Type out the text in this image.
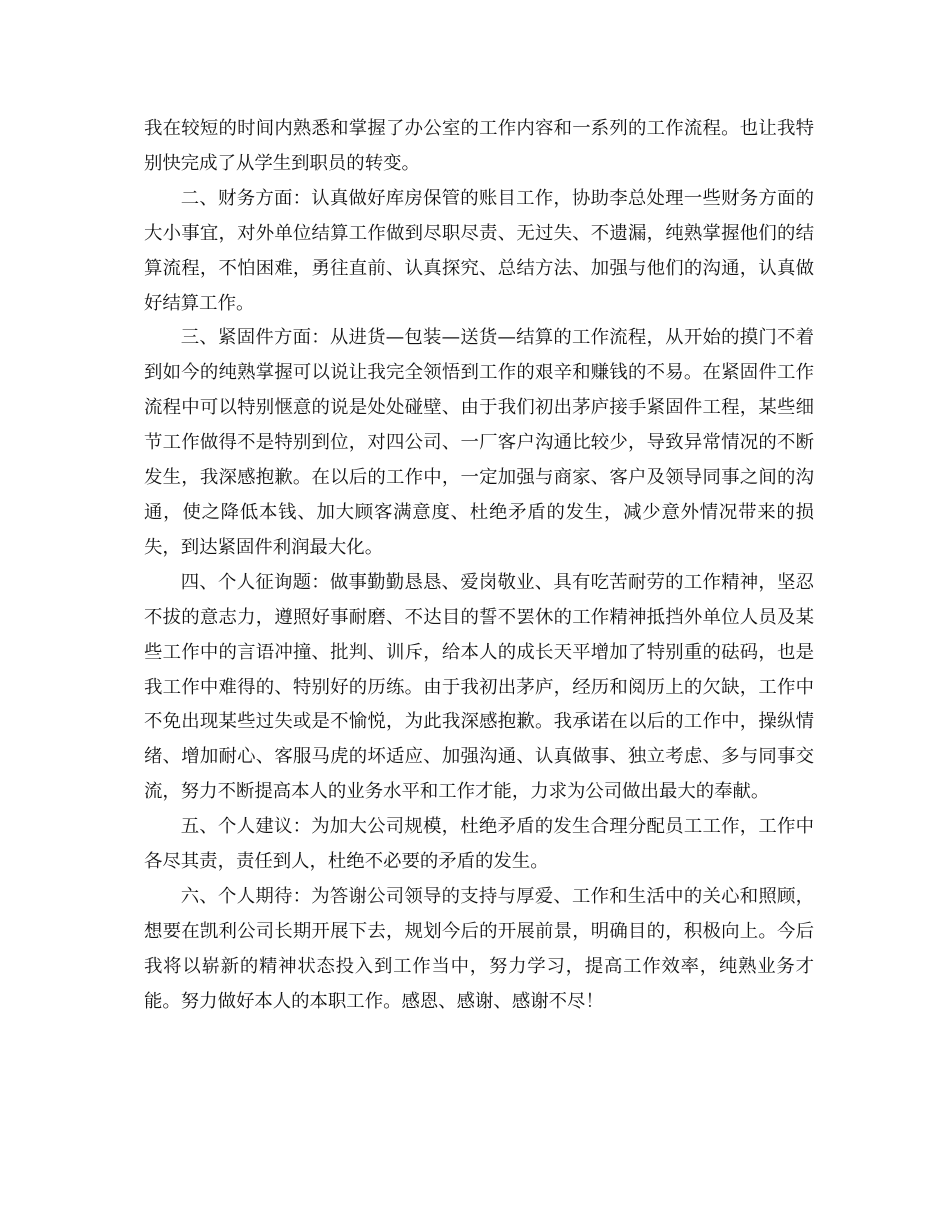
我在较短的时间内熟悉和掌握了办公室的工作内容和一系列的工作流程。也让我特别快完成了从学生到职员的转变。

二、财务方面：认真做好库房保管的账目工作，协助李总处理一些财务方面的大小事宜，对外单位结算工作做到尽职尽责、无过失、不遗漏，纯熟掌握他们的结算流程，不怕困难，勇往直前、认真探究、总结方法、加强与他们的沟通，认真做好结算工作。

三、紧固件方面：从进货—包装—送货—结算的工作流程，从开始的摸门不着到如今的纯熟掌握可以说让我完全领悟到工作的艰辛和赚钱的不易。在紧固件工作流程中可以特别惬意的说是处处碰壁、由于我们初出茅庐接手紧固件工程，某些细节工作做得不是特别到位，对四公司、一厂客户沟通比较少，导致异常情况的不断发生，我深感抱歉。在以后的工作中，一定加强与商家、客户及领导同事之间的沟通，使之降低本钱、加大顾客满意度、杜绝矛盾的发生，减少意外情况带来的损失，到达紧固件利润最大化。

四、个人征询题：做事勤勤恳恳、爱岗敬业、具有吃苦耐劳的工作精神，坚忍不拔的意志力，遵照好事耐磨、不达目的誓不罢休的工作精神抵挡外单位人员及某些工作中的言语冲撞、批判、训斥，给本人的成长天平增加了特别重的砝码，也是我工作中难得的、特别好的历练。由于我初出茅庐，经历和阅历上的欠缺，工作中不免出现某些过失或是不愉悦，为此我深感抱歉。我承诺在以后的工作中，操纵情绪、增加耐心、客服马虎的坏适应、加强沟通、认真做事、独立考虑、多与同事交流，努力不断提高本人的业务水平和工作才能，力求为公司做出最大的奉献。

五、个人建议：为加大公司规模，杜绝矛盾的发生合理分配员工工作，工作中各尽其责，责任到人，杜绝不必要的矛盾的发生。

六、个人期待：为答谢公司领导的支持与厚爱、工作和生活中的关心和照顾，想要在凯利公司长期开展下去，规划今后的开展前景，明确目的，积极向上。今后我将以崭新的精神状态投入到工作当中，努力学习，提高工作效率，纯熟业务才能。努力做好本人的本职工作。感恩、感谢、感谢不尽！
